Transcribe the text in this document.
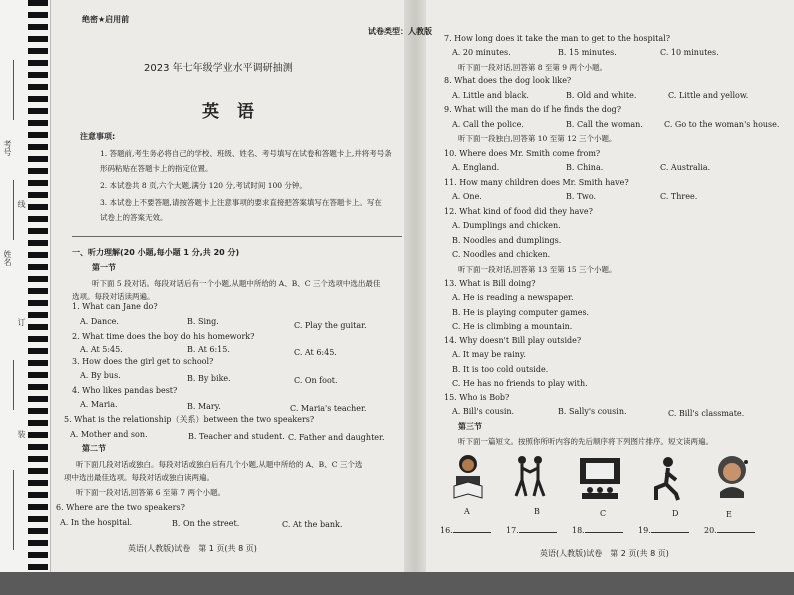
考号
线
姓名
订
装
绝密★启用前
2023 年七年级学业水平调研抽测
英 语
注意事项:
1. 答题前,考生务必将自己的学校、班级、姓名、考号填写在试卷和答题卡上,并将考号条
形码粘贴在答题卡上的指定位置。
2. 本试卷共 8 页,六个大题,满分 120 分,考试时间 100 分钟。
3. 本试卷上不要答题,请按答题卡上注意事项的要求直接把答案填写在答题卡上。写在
试卷上的答案无效。
一、听力理解(20 小题,每小题 1 分,共 20 分)
第一节
听下面 5 段对话。每段对话后有一个小题,从题中所给的 A、B、C 三个选项中选出最佳
选项。每段对话读两遍。
1. What can Jane do?
A. Dance.	B. Sing.	C. Play the guitar.
2. What time does the boy do his homework?
A. At 5:45.	B. At 6:15.	C. At 6:45.
3. How does the girl get to school?
A. By bus.	B. By bike.	C. On foot.
4. Who likes pandas best?
A. Maria.	B. Mary.	C. Maria's teacher.
5. What is the relationship（关系）between the two speakers?
A. Mother and son.	B. Teacher and student. C. Father and daughter.
第二节
听下面几段对话或独白。每段对话或独白后有几个小题,从题中所给的 A、B、C 三个选
项中选出最佳选项。每段对话或独白读两遍。
听下面一段对话,回答第 6 至第 7 两个小题。
6. Where are the two speakers?
A. In the hospital.	B. On the street.	C. At the bank.
英语(人教版)试卷　第 1 页(共 8 页)
试卷类型：人教版
7. How long does it take the man to get to the hospital?
A. 20 minutes.	B. 15 minutes.	C. 10 minutes.
听下面一段对话,回答第 8 至第 9 两个小题。
8. What does the dog look like?
A. Little and black.	B. Old and white.	C. Little and yellow.
9. What will the man do if he finds the dog?
A. Call the police.	B. Call the woman.	C. Go to the woman's house.
听下面一段独白,回答第 10 至第 12 三个小题。
10. Where does Mr. Smith come from?
A. England.	B. China.	C. Australia.
11. How many children does Mr. Smith have?
A. One.	B. Two.	C. Three.
12. What kind of food did they have?
A. Dumplings and chicken.
B. Noodles and dumplings.
C. Noodles and chicken.
听下面一段对话,回答第 13 至第 15 三个小题。
13. What is Bill doing?
A. He is reading a newspaper.
B. He is playing computer games.
C. He is climbing a mountain.
14. Why doesn't Bill play outside?
A. It may be rainy.
B. It is too cold outside.
C. He has no friends to play with.
15. Who is Bob?
A. Bill's cousin.	B. Sally's cousin.	C. Bill's classmate.
第三节
听下面一篇短文。按照你所听内容的先后顺序将下列图片排序。短文读两遍。
A	B	C	D	E
16.	17.	18.	19.	20.
英语(人教版)试卷　第 2 页(共 8 页)
